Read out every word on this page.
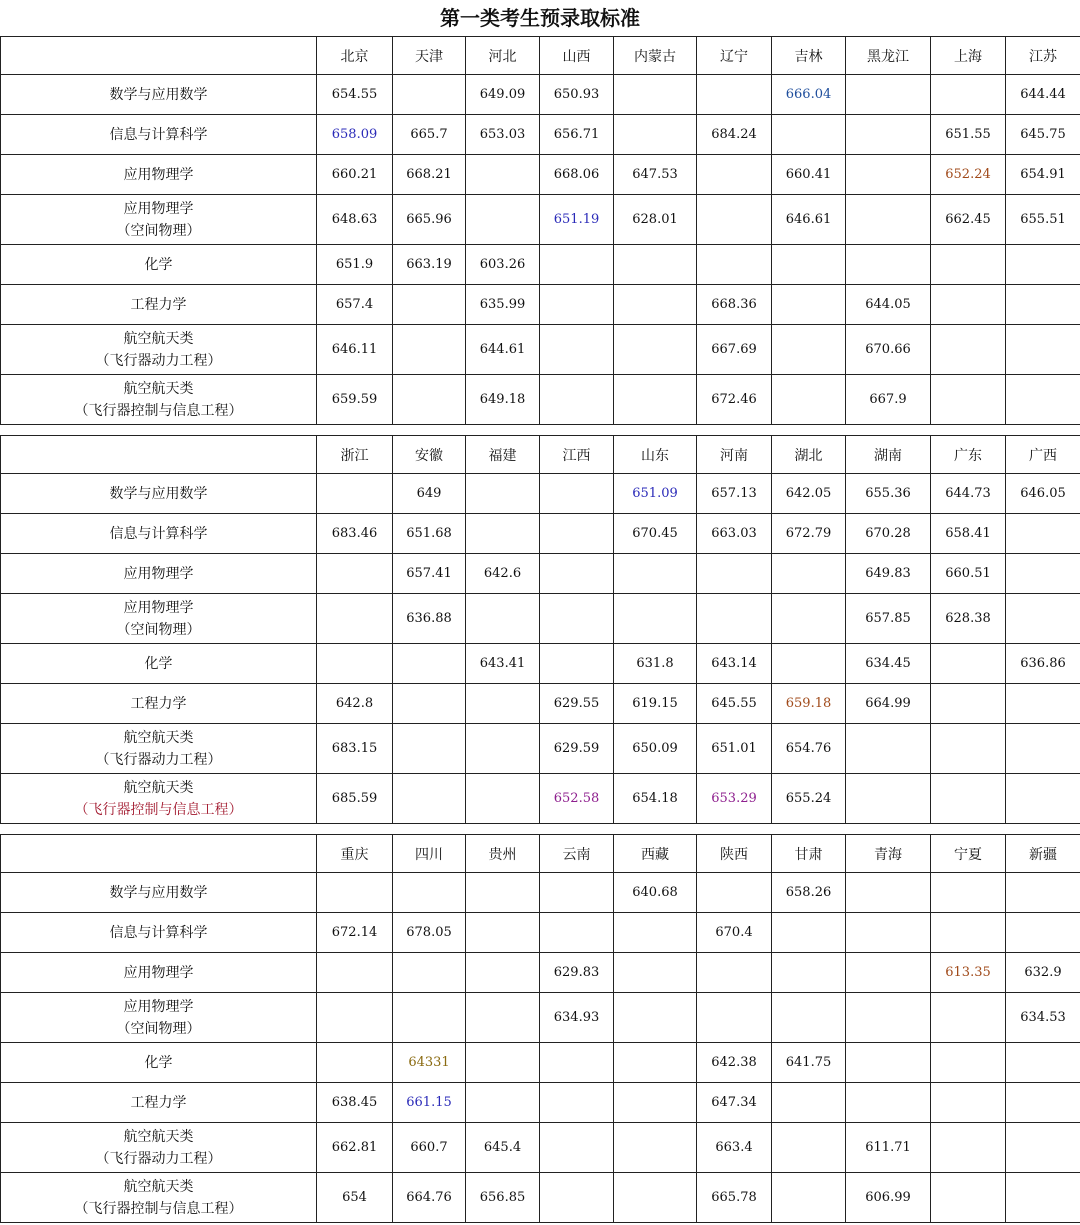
第一类考生预录取标准
	北京	天津	河北	山西	内蒙古	辽宁	吉林	黑龙江	上海	江苏

数学与应用数学	654.55		649.09	650.93			666.04			644.44

信息与计算科学	658.09	665.7	653.03	656.71		684.24			651.55	645.75

应用物理学	660.21	668.21		668.06	647.53		660.41		652.24	654.91

应用物理学
（空间物理）	648.63	665.96		651.19	628.01		646.61		662.45	655.51

化学	651.9	663.19	603.26							

工程力学	657.4		635.99			668.36		644.05		

航空航天类
（飞行器动力工程）	646.11		644.61			667.69		670.66		

航空航天类
（飞行器控制与信息工程）	659.59		649.18			672.46		667.9		
	浙江	安徽	福建	江西	山东	河南	湖北	湖南	广东	广西

数学与应用数学		649			651.09	657.13	642.05	655.36	644.73	646.05

信息与计算科学	683.46	651.68			670.45	663.03	672.79	670.28	658.41	

应用物理学		657.41	642.6					649.83	660.51	

应用物理学
（空间物理）		636.88						657.85	628.38	

化学			643.41		631.8	643.14		634.45		636.86

工程力学	642.8			629.55	619.15	645.55	659.18	664.99		

航空航天类
（飞行器动力工程）	683.15			629.59	650.09	651.01	654.76			

航空航天类
（飞行器控制与信息工程）	685.59			652.58	654.18	653.29	655.24			
	重庆	四川	贵州	云南	西藏	陕西	甘肃	青海	宁夏	新疆

数学与应用数学					640.68		658.26			

信息与计算科学	672.14	678.05				670.4				

应用物理学				629.83					613.35	632.9

应用物理学
（空间物理）				634.93						634.53

化学		64331				642.38	641.75			

工程力学	638.45	661.15				647.34				

航空航天类
（飞行器动力工程）	662.81	660.7	645.4			663.4		611.71		

航空航天类
（飞行器控制与信息工程）	654	664.76	656.85			665.78		606.99		
